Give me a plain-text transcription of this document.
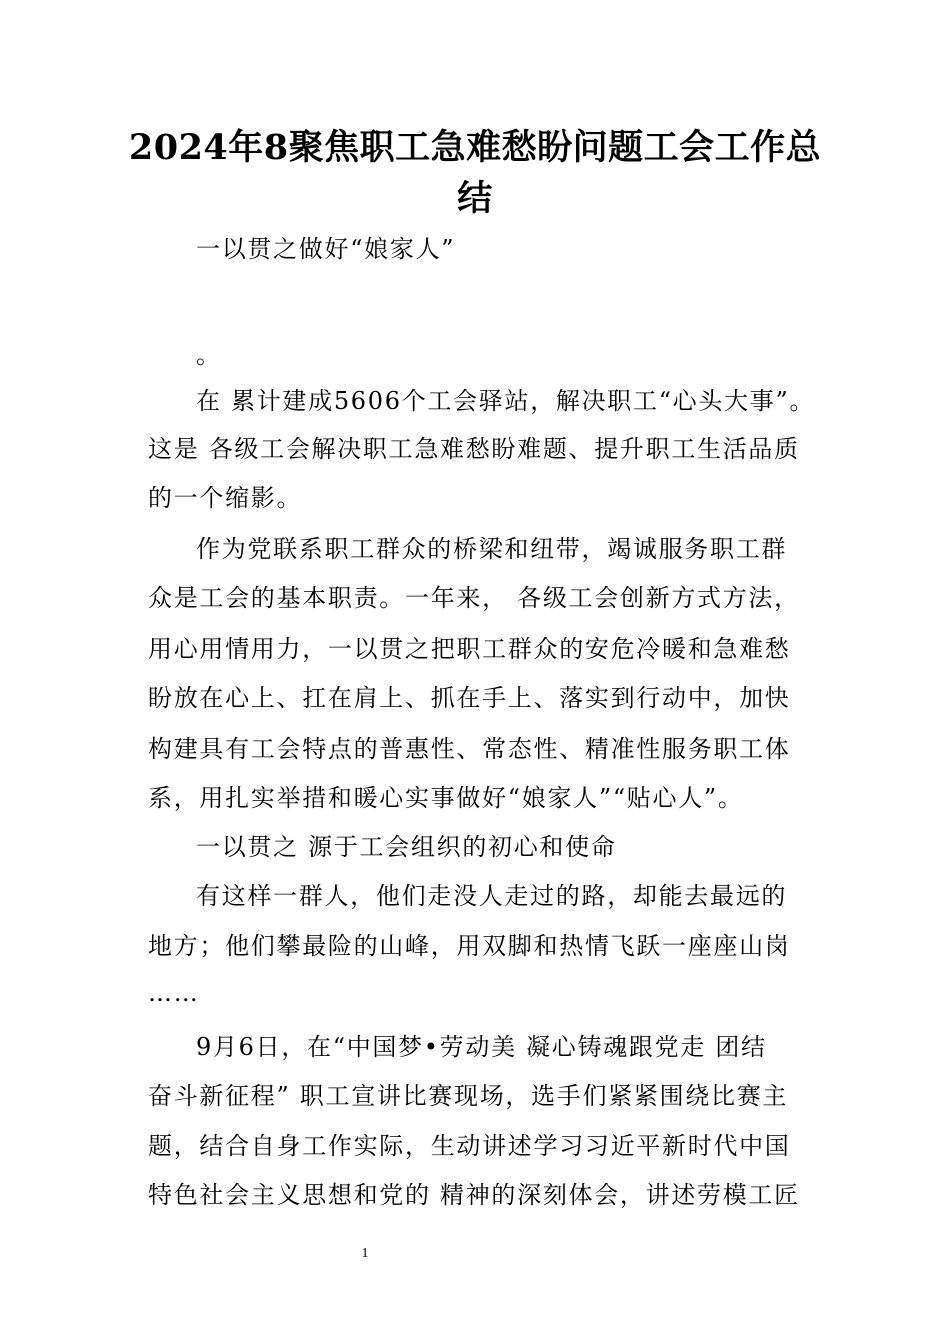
2024年8聚焦职工急难愁盼问题工会工作总结
一以贯之做好“娘家人”
。
在 累计建成5606个工会驿站，解决职工“心头大事”。
这是 各级工会解决职工急难愁盼难题、提升职工生活品质
的一个缩影。
作为党联系职工群众的桥梁和纽带，竭诚服务职工群
众是工会的基本职责。一年来， 各级工会创新方式方法，
用心用情用力，一以贯之把职工群众的安危冷暖和急难愁
盼放在心上、扛在肩上、抓在手上、落实到行动中，加快
构建具有工会特点的普惠性、常态性、精准性服务职工体
系，用扎实举措和暖心实事做好“娘家人”“贴心人”。
一以贯之 源于工会组织的初心和使命
有这样一群人，他们走没人走过的路，却能去最远的
地方；他们攀最险的山峰，用双脚和热情飞跃一座座山岗
……
9月6日，在“中国梦•劳动美 凝心铸魂跟党走 团结
奋斗新征程” 职工宣讲比赛现场，选手们紧紧围绕比赛主
题，结合自身工作实际，生动讲述学习习近平新时代中国
特色社会主义思想和党的 精神的深刻体会，讲述劳模工匠
1
